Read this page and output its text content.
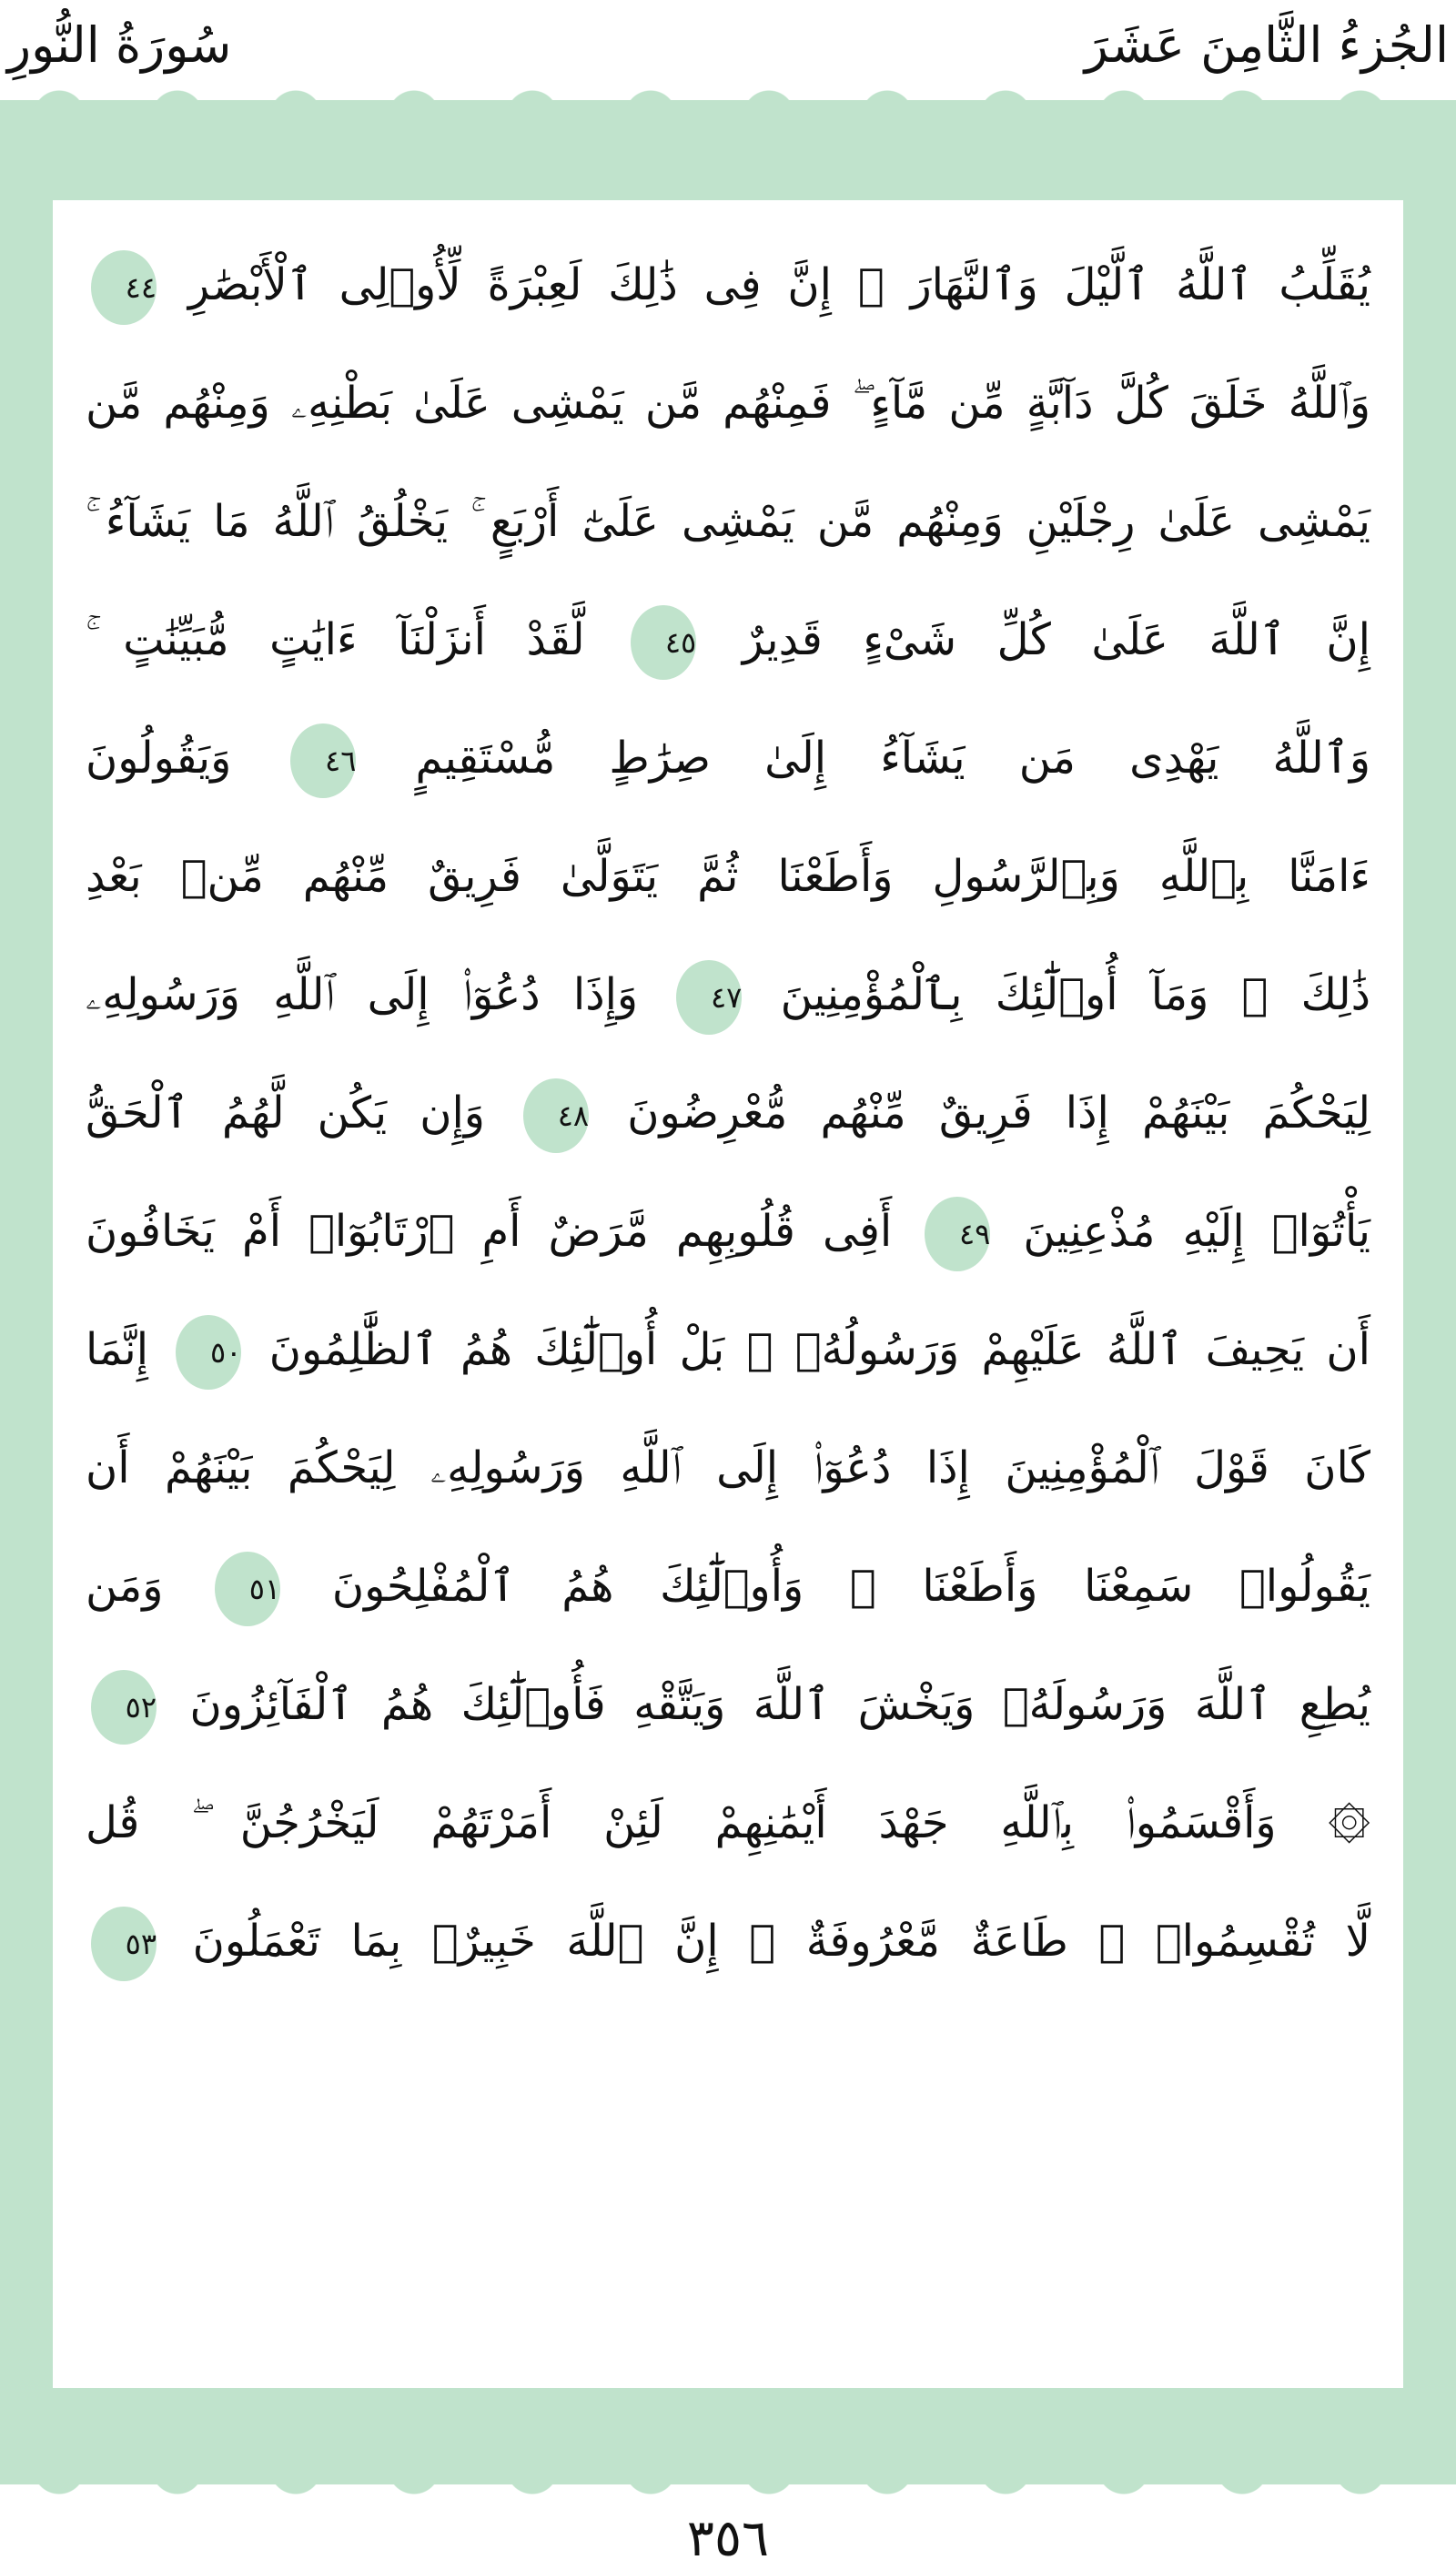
سُورَةُ النُّورِ	الجُزءُ الثَّامِنَ عَشَرَ
يُقَلِّبُ ٱللَّهُ ٱلَّيْلَ وَٱلنَّهَارَ ۚ إِنَّ فِى ذَٰلِكَ لَعِبْرَةً لِّأُو۟لِى ٱلْأَبْصَٰرِ ٤٤
وَٱللَّهُ خَلَقَ كُلَّ دَآبَّةٍ مِّن مَّآءٍ ۖ فَمِنْهُم مَّن يَمْشِى عَلَىٰ بَطْنِهِۦ وَمِنْهُم مَّن
يَمْشِى عَلَىٰ رِجْلَيْنِ وَمِنْهُم مَّن يَمْشِى عَلَىٰٓ أَرْبَعٍ ۚ يَخْلُقُ ٱللَّهُ مَا يَشَآءُ ۚ
إِنَّ ٱللَّهَ عَلَىٰ كُلِّ شَىْءٍ قَدِيرٌ ٤٥ لَّقَدْ أَنزَلْنَآ ءَايَٰتٍ مُّبَيِّنَٰتٍ ۚ
وَٱللَّهُ يَهْدِى مَن يَشَآءُ إِلَىٰ صِرَٰطٍ مُّسْتَقِيمٍ ٤٦ وَيَقُولُونَ
ءَامَنَّا بِٱللَّهِ وَبِٱلرَّسُولِ وَأَطَعْنَا ثُمَّ يَتَوَلَّىٰ فَرِيقٌ مِّنْهُم مِّنۢ بَعْدِ
ذَٰلِكَ ۚ وَمَآ أُو۟لَٰٓئِكَ بِٱلْمُؤْمِنِينَ ٤٧ وَإِذَا دُعُوٓا۟ إِلَى ٱللَّهِ وَرَسُولِهِۦ
لِيَحْكُمَ بَيْنَهُمْ إِذَا فَرِيقٌ مِّنْهُم مُّعْرِضُونَ ٤٨ وَإِن يَكُن لَّهُمُ ٱلْحَقُّ
يَأْتُوٓا۟ إِلَيْهِ مُذْعِنِينَ ٤٩ أَفِى قُلُوبِهِم مَّرَضٌ أَمِ ٱرْتَابُوٓا۟ أَمْ يَخَافُونَ
أَن يَحِيفَ ٱللَّهُ عَلَيْهِمْ وَرَسُولُهُۥ ۚ بَلْ أُو۟لَٰٓئِكَ هُمُ ٱلظَّٰلِمُونَ ٥٠ إِنَّمَا
كَانَ قَوْلَ ٱلْمُؤْمِنِينَ إِذَا دُعُوٓا۟ إِلَى ٱللَّهِ وَرَسُولِهِۦ لِيَحْكُمَ بَيْنَهُمْ أَن
يَقُولُوا۟ سَمِعْنَا وَأَطَعْنَا ۚ وَأُو۟لَٰٓئِكَ هُمُ ٱلْمُفْلِحُونَ ٥١ وَمَن
يُطِعِ ٱللَّهَ وَرَسُولَهُۥ وَيَخْشَ ٱللَّهَ وَيَتَّقْهِ فَأُو۟لَٰٓئِكَ هُمُ ٱلْفَآئِزُونَ ٥٢
۞ وَأَقْسَمُوا۟ بِٱللَّهِ جَهْدَ أَيْمَٰنِهِمْ لَئِنْ أَمَرْتَهُمْ لَيَخْرُجُنَّ ۖ قُل
لَّا تُقْسِمُوا۟ ۖ طَاعَةٌ مَّعْرُوفَةٌ ۚ إِنَّ ٱللَّهَ خَبِيرٌۢ بِمَا تَعْمَلُونَ ٥٣
٣٥٦
